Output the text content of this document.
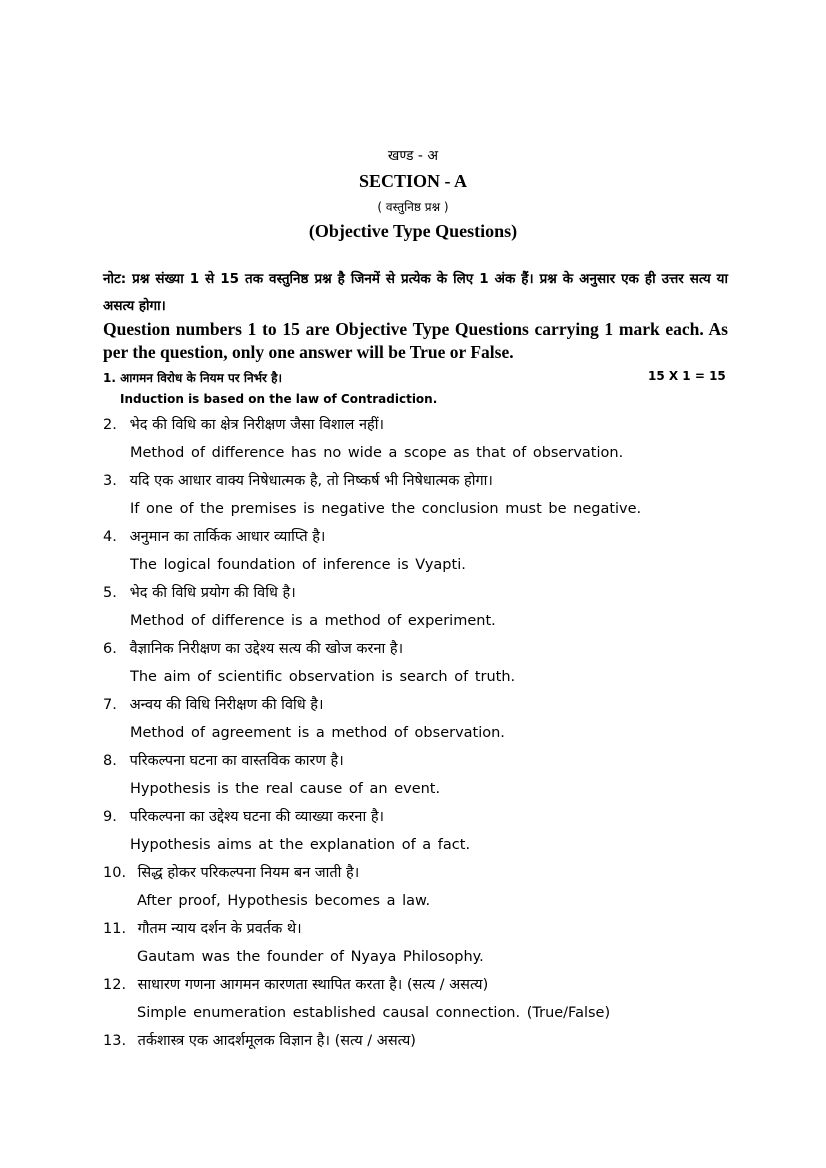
खण्ड - अ
SECTION - A
( वस्तुनिष्ठ प्रश्न )
(Objective Type Questions)
नोट: प्रश्न संख्या 1 से 15 तक वस्तुनिष्ठ प्रश्न है जिनमें से प्रत्येक के लिए 1 अंक हैं। प्रश्न के अनुसार एक ही उत्तर सत्य या असत्य होगा।
Question numbers 1 to 15 are Objective Type Questions carrying 1 mark each. As per the question, only one answer will be True or False.
1. आगमन विरोध के नियम पर निर्भर है।	15 X 1 = 15
Induction is based on the law of Contradiction.
2. भेद की विधि का क्षेत्र निरीक्षण जैसा विशाल नहीं।
Method of difference has no wide a scope as that of observation.
3. यदि एक आधार वाक्य निषेधात्मक है, तो निष्कर्ष भी निषेधात्मक होगा।
If one of the premises is negative the conclusion must be negative.
4. अनुमान का तार्किक आधार व्याप्ति है।
The logical foundation of inference is Vyapti.
5. भेद की विधि प्रयोग की विधि है।
Method of difference is a method of experiment.
6. वैज्ञानिक निरीक्षण का उद्देश्य सत्य की खोज करना है।
The aim of scientific observation is search of truth.
7. अन्वय की विधि निरीक्षण की विधि है।
Method of agreement is a method of observation.
8. परिकल्पना घटना का वास्तविक कारण है।
Hypothesis is the real cause of an event.
9. परिकल्पना का उद्देश्य घटना की व्याख्या करना है।
Hypothesis aims at the explanation of a fact.
10. सिद्ध होकर परिकल्पना नियम बन जाती है।
After proof, Hypothesis becomes a law.
11. गौतम न्याय दर्शन के प्रवर्तक थे।
Gautam was the founder of Nyaya Philosophy.
12. साधारण गणना आगमन कारणता स्थापित करता है। (सत्य / असत्य)
Simple enumeration established causal connection. (True/False)
13. तर्कशास्त्र एक आदर्शमूलक विज्ञान है। (सत्य / असत्य)
